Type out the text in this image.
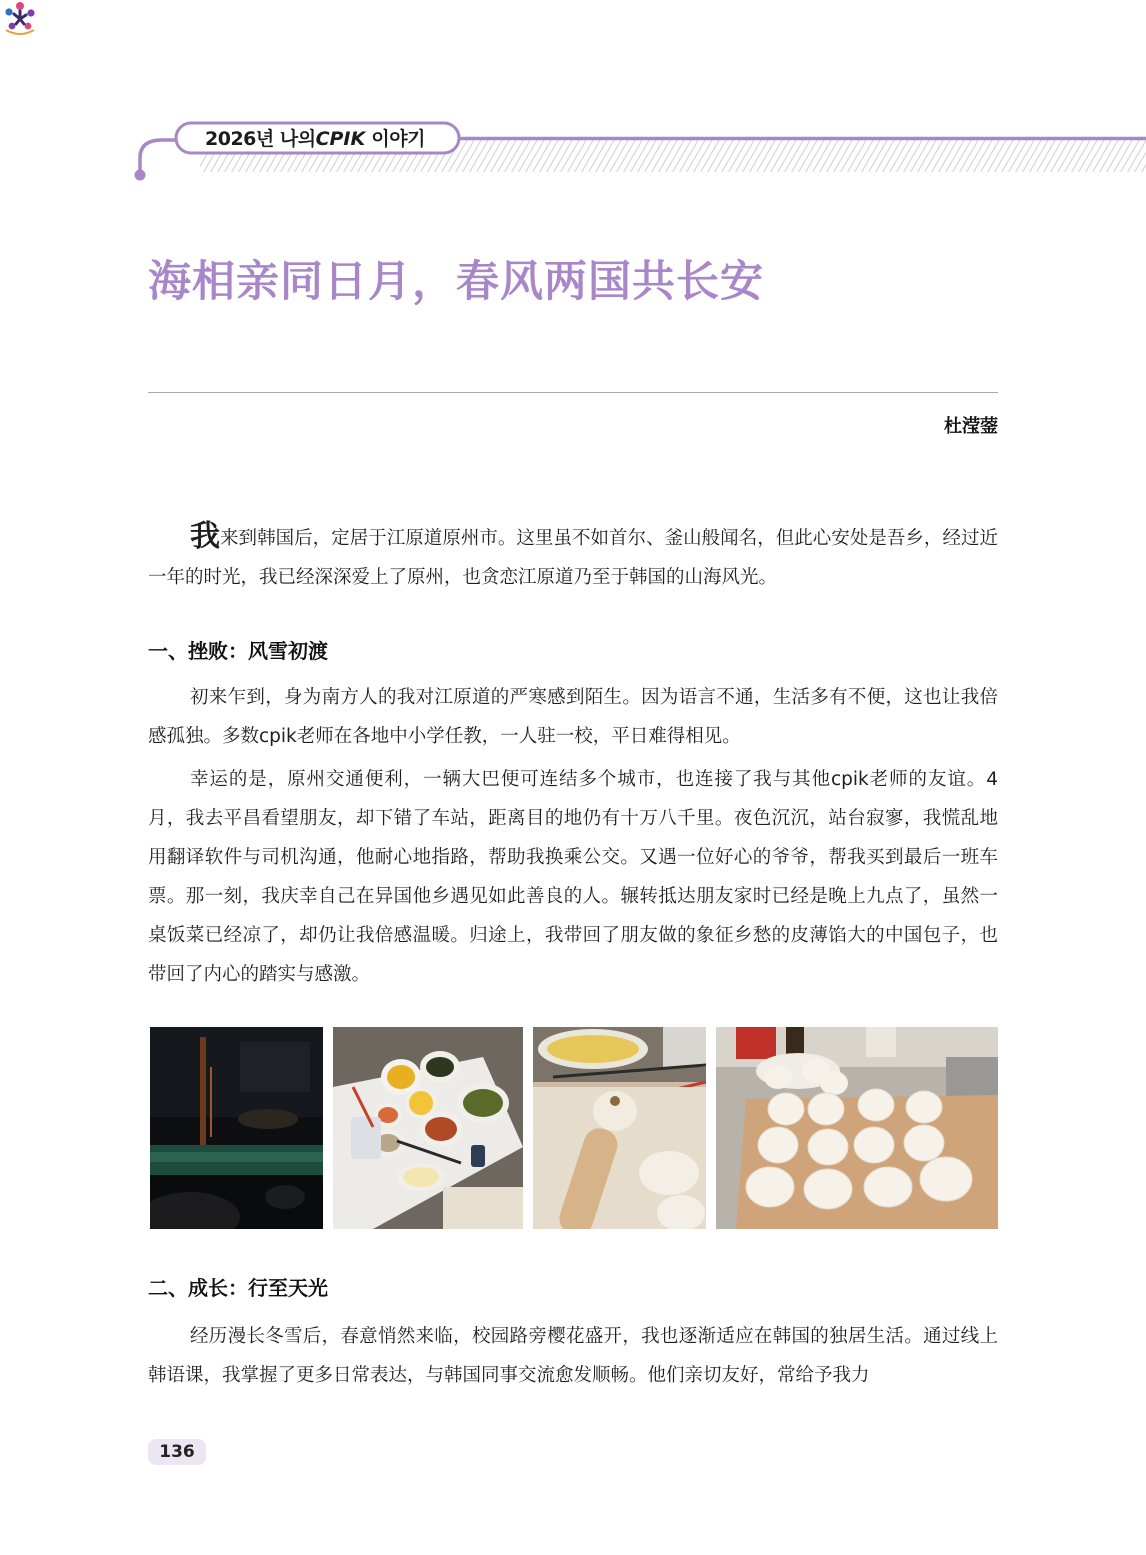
2026년 나의CPIK 이야기
海相亲同日月，春风两国共长安
杜滢蓥

我来到韩国后，定居于江原道原州市。这里虽不如首尔、釜山般闻名，但此心安处是吾乡，经过近一年的时光，我已经深深爱上了原州，也贪恋江原道乃至于韩国的山海风光。

一、挫败：风雪初渡

初来乍到，身为南方人的我对江原道的严寒感到陌生。因为语言不通，生活多有不便，这也让我倍感孤独。多数cpik老师在各地中小学任教，一人驻一校，平日难得相见。

幸运的是，原州交通便利，一辆大巴便可连结多个城市，也连接了我与其他cpik老师的友谊。4月，我去平昌看望朋友，却下错了车站，距离目的地仍有十万八千里。夜色沉沉，站台寂寥，我慌乱地用翻译软件与司机沟通，他耐心地指路，帮助我换乘公交。又遇一位好心的爷爷，帮我买到最后一班车票。那一刻，我庆幸自己在异国他乡遇见如此善良的人。辗转抵达朋友家时已经是晚上九点了，虽然一桌饭菜已经凉了，却仍让我倍感温暖。归途上，我带回了朋友做的象征乡愁的皮薄馅大的中国包子，也带回了内心的踏实与感激。

二、成长：行至天光

经历漫长冬雪后，春意悄然来临，校园路旁樱花盛开，我也逐渐适应在韩国的独居生活。通过线上韩语课，我掌握了更多日常表达，与韩国同事交流愈发顺畅。他们亲切友好，常给予我力

136
